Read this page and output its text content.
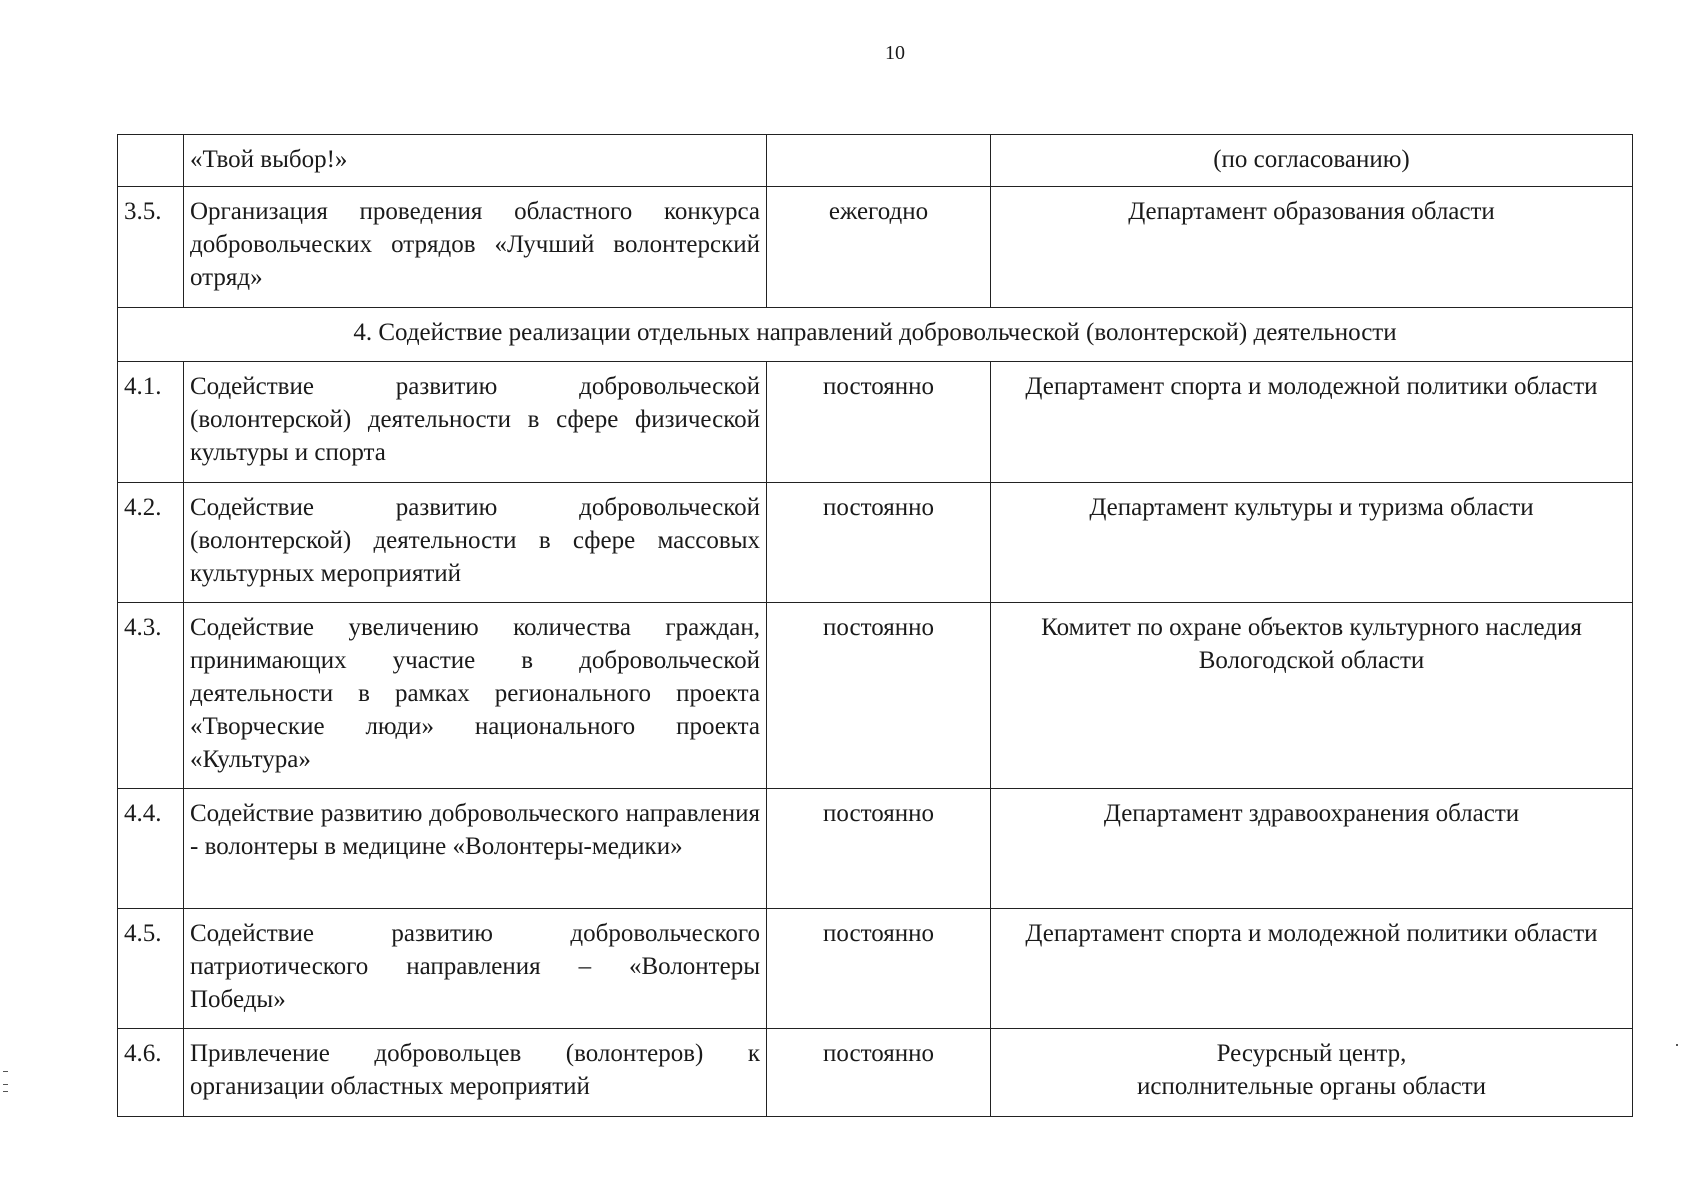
10
	«Твой выбор!»		(по согласованию)
3.5.	Организация проведения областного конкурса добровольческих отрядов «Лучший волонтерский отряд»	ежегодно	Департамент образования области
4. Содействие реализации отдельных направлений добровольческой (волонтерской) деятельности			
4.1.	Содействие развитию добровольческой (волонтерской) деятельности в сфере физической культуры и спорта	постоянно	Департамент спорта и молодежной политики области
4.2.	Содействие развитию добровольческой (волонтерской) деятельности в сфере массовых культурных мероприятий	постоянно	Департамент культуры и туризма области
4.3.	Содействие увеличению количества граждан, принимающих участие в добровольческой деятельности в рамках регионального проекта «Творческие люди» национального проекта «Культура»	постоянно	Комитет по охране объектов культурного наследия Вологодской области
4.4.	Содействие развитию добровольческого направления - волонтеры в медицине «Волонтеры-медики»	постоянно	Департамент здравоохранения области
4.5.	Содействие развитию добровольческого патриотического направления – «Волонтеры Победы»	постоянно	Департамент спорта и молодежной политики области
4.6.	Привлечение добровольцев (волонтеров) к организации областных мероприятий	постоянно	Ресурсный центр,
исполнительные органы области
